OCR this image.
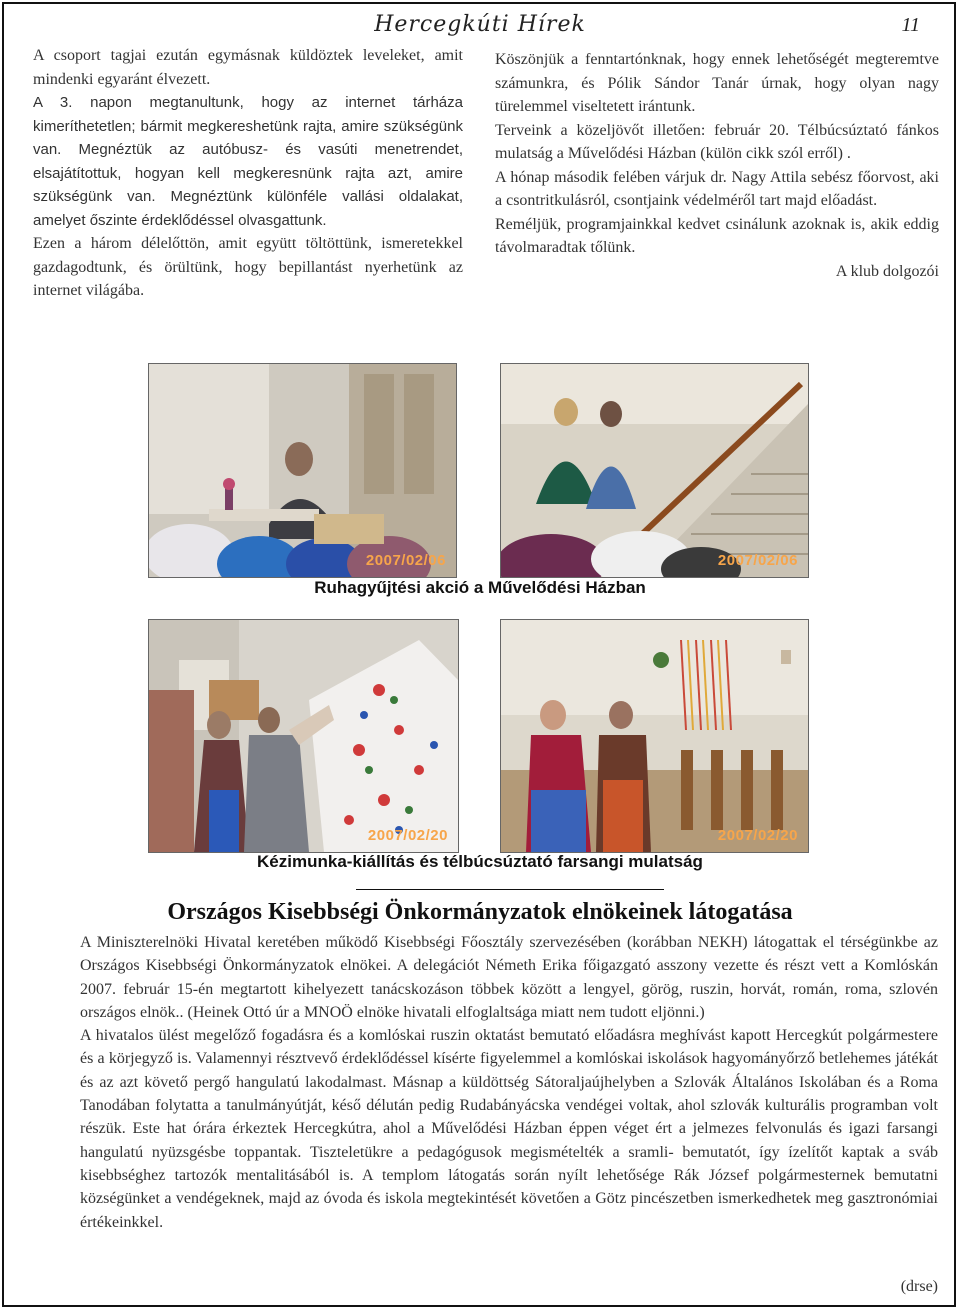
Hercegkúti Hírek	11

A csoport tagjai ezután egymásnak küldöztek leveleket, amit mindenki egyaránt élvezett.

A 3. napon megtanultunk, hogy az internet tárháza kimeríthetetlen; bármit megkereshetünk rajta, amire szükségünk van. Megnéztük az autóbusz- és vasúti menetrendet, elsajátítottuk, hogyan kell megkeresnünk rajta azt, amire szükségünk van. Megnéztünk különféle vallási oldalakat, amelyet őszinte érdeklődéssel olvasgattunk.

Ezen a három délelőttön, amit együtt töltöttünk, ismeretekkel gazdagodtunk, és örültünk, hogy bepillantást nyerhetünk az internet világába.

Köszönjük a fenntartónknak, hogy ennek lehetőségét megteremtve számunkra, és Pólik Sándor Tanár úrnak, hogy olyan nagy türelemmel viseltetett irántunk.

Terveink a közeljövőt illetően: február 20. Télbúcsúztató fánkos mulatság a Művelődési Házban (külön cikk szól erről) .

A hónap második felében várjuk dr. Nagy Attila sebész főorvost, aki a csontritkulásról, csontjaink védelméről tart majd előadást.

Reméljük, programjainkkal kedvet csinálunk azoknak is, akik eddig távolmaradtak tőlünk.

A klub dolgozói

2007/02/06	2007/02/06
Ruhagyűjtési akció a Művelődési Házban
2007/02/20	2007/02/20
Kézimunka-kiállítás és télbúcsúztató farsangi mulatság
Országos Kisebbségi Önkormányzatok elnökeinek látogatása

A Miniszterelnöki Hivatal keretében működő Kisebbségi Főosztály szervezésében (korábban NEKH) látogattak el térségünkbe az Országos Kisebbségi Önkormányzatok elnökei. A delegációt Németh Erika főigazgató asszony vezette és részt vett a Komlóskán 2007. február 15-én megtartott kihelyezett tanácskozáson többek között a lengyel, görög, ruszin, horvát, román, roma, szlovén országos elnök.. (Heinek Ottó úr a MNOÖ elnöke hivatali elfoglaltsága miatt nem tudott eljönni.)

A hivatalos ülést megelőző fogadásra és a komlóskai ruszin oktatást bemutató előadásra meghívást kapott Hercegkút polgármestere és a körjegyző is. Valamennyi résztvevő érdeklődéssel kísérte figyelemmel a komlóskai iskolások hagyományőrző betlehemes játékát és az azt követő pergő hangulatú lakodalmast. Másnap a küldöttség Sátoraljaújhelyben a Szlovák Általános Iskolában és a Roma Tanodában folytatta a tanulmányútját, késő délután pedig Rudabányácska vendégei voltak, ahol szlovák kulturális programban volt részük. Este hat órára érkeztek Hercegkútra, ahol a Művelődési Házban éppen véget ért a jelmezes felvonulás és igazi farsangi hangulatú nyüzsgésbe toppantak. Tiszteletükre a pedagógusok megismételték a sramli- bemutatót, így ízelítőt kaptak a sváb kisebbséghez tartozók mentalitásából is. A templom látogatás során nyílt lehetősége Rák József polgármesternek bemutatni községünket a vendégeknek, majd az óvoda és iskola megtekintését követően a Götz pincészetben ismerkedhetek meg gasztronómiai értékeinkkel.

(drse)
